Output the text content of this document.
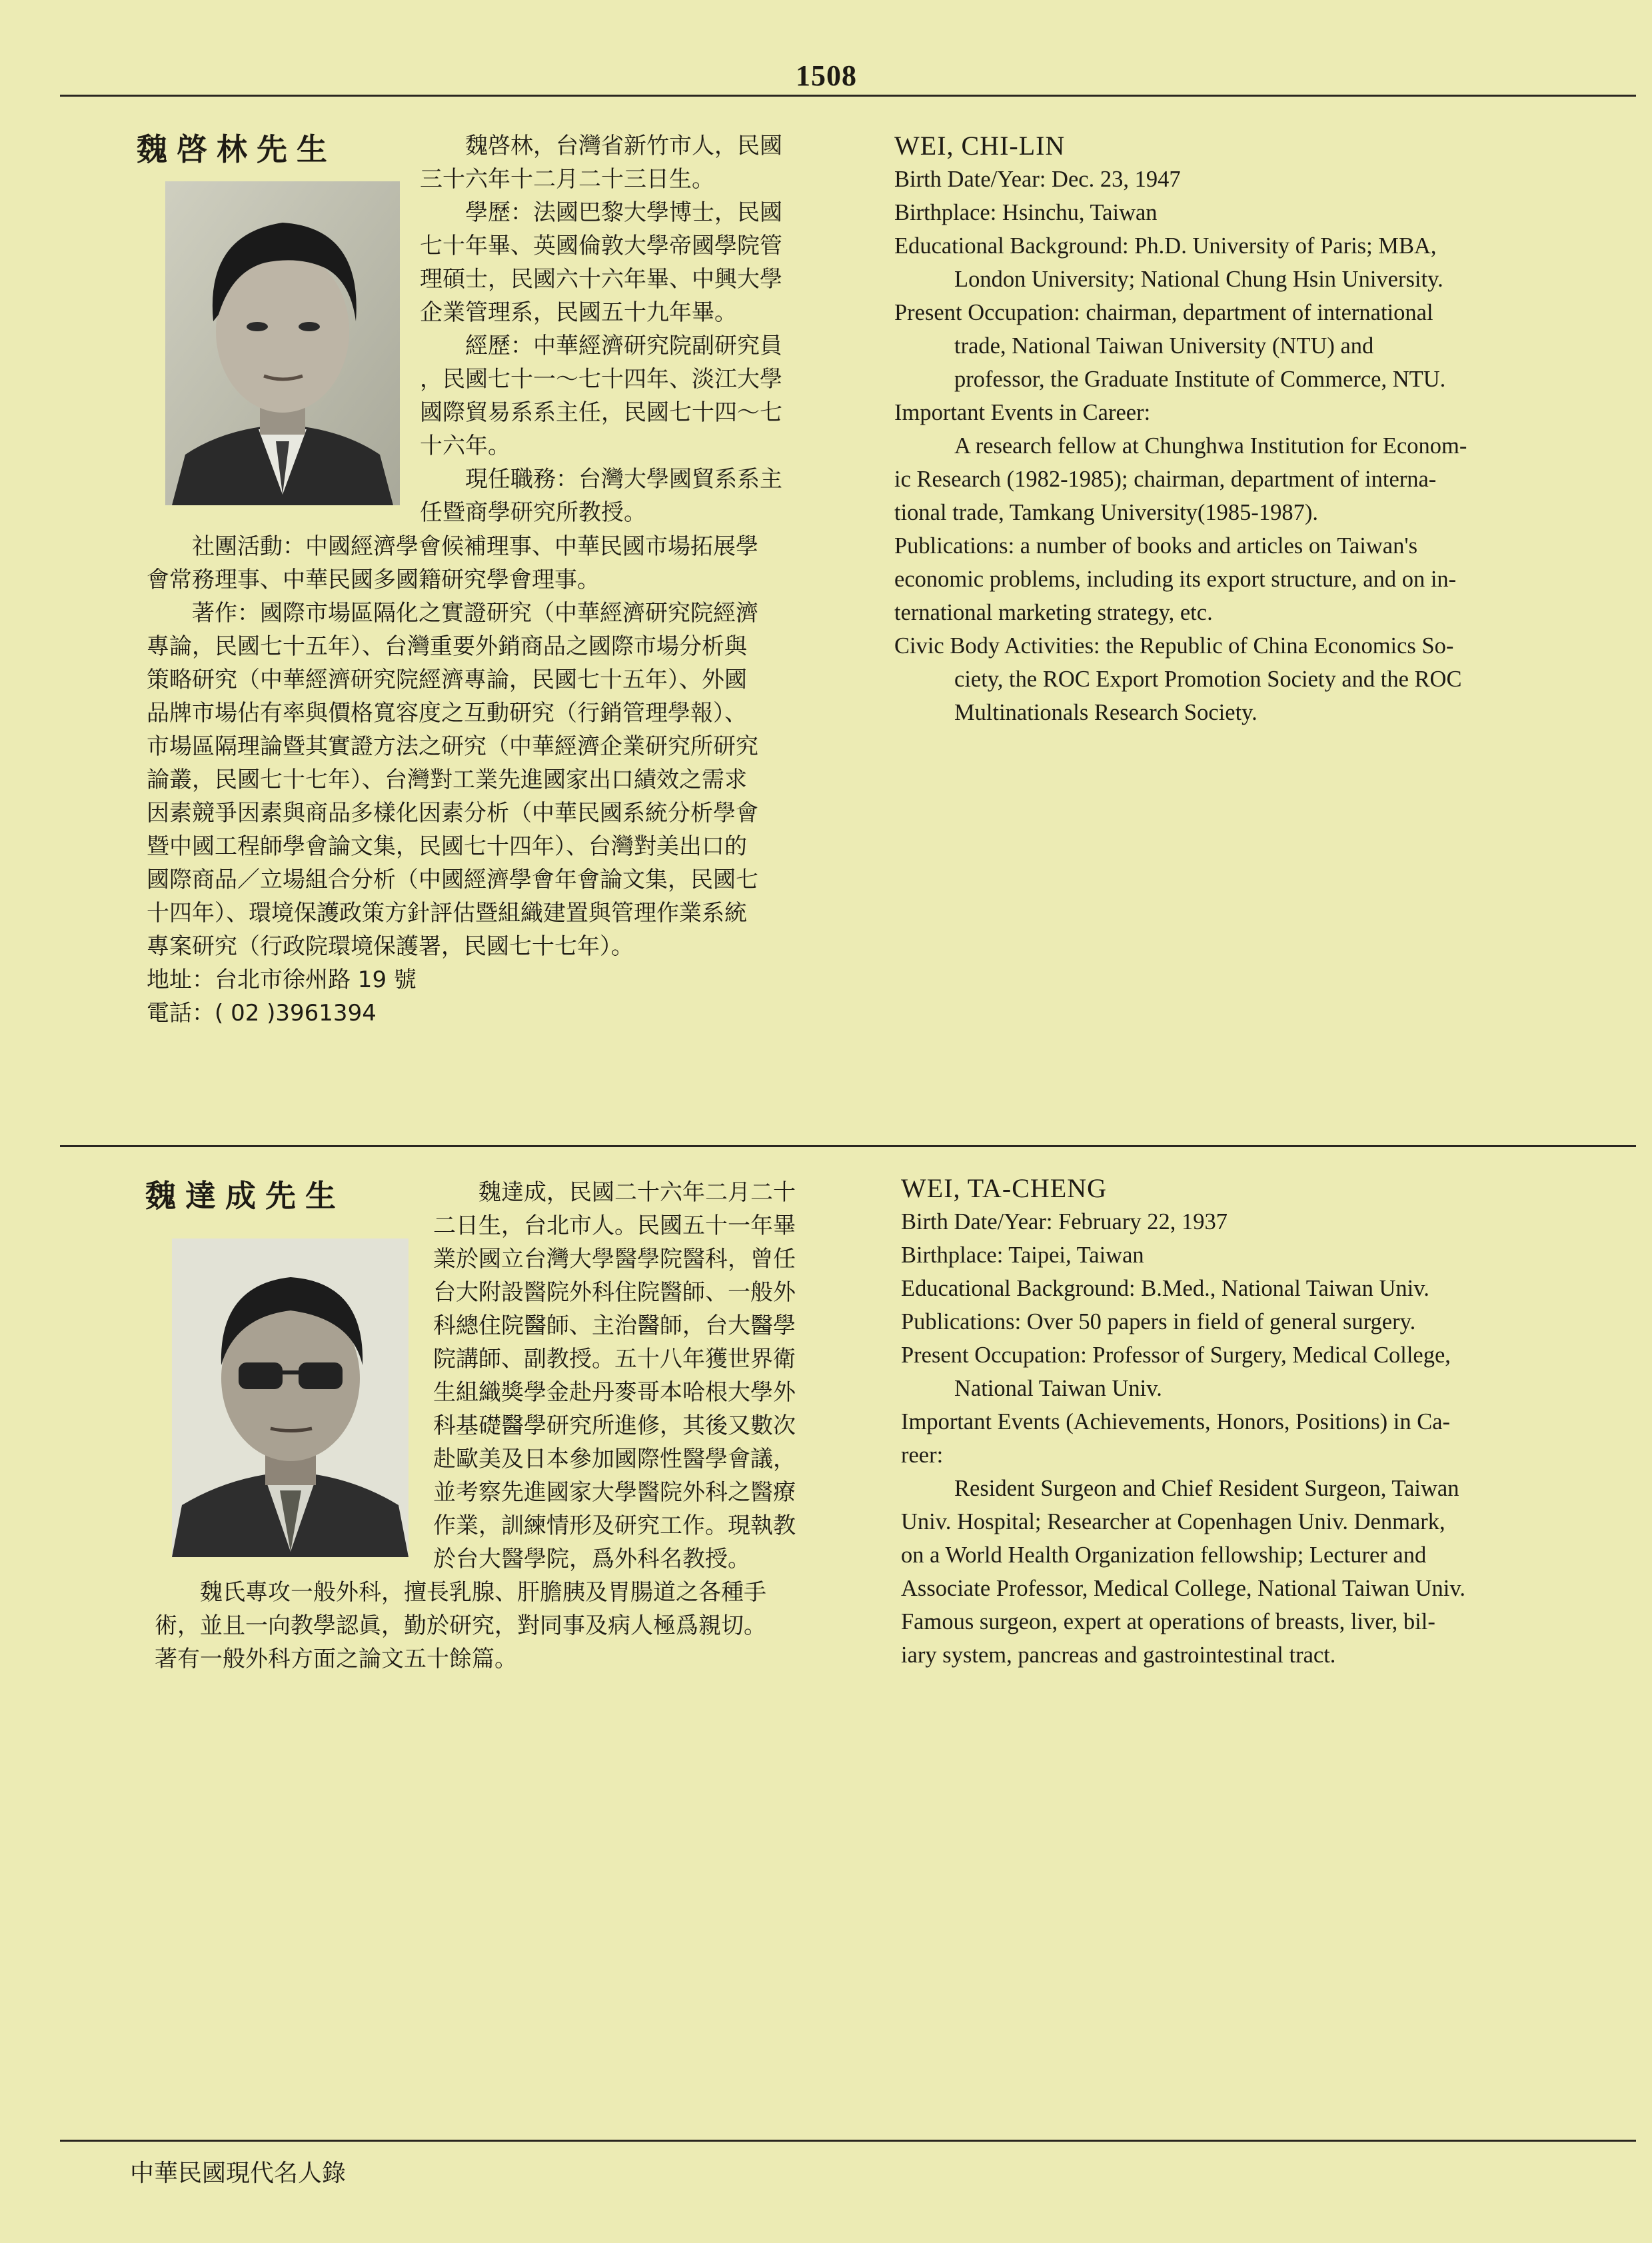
1508
魏啓林先生	　　魏啓林，台灣省新竹市人，民國
三十六年十二月二十三日生。
　　學歷：法國巴黎大學博士，民國
七十年畢、英國倫敦大學帝國學院管
理碩士，民國六十六年畢、中興大學
企業管理系，民國五十九年畢。
　　經歷：中華經濟研究院副研究員
，民國七十一～七十四年、淡江大學
國際貿易系系主任，民國七十四～七
十六年。
　　現任職務：台灣大學國貿系系主
任暨商學研究所教授。
　　社團活動：中國經濟學會候補理事、中華民國市場拓展學
會常務理事、中華民國多國籍研究學會理事。
　　著作：國際市場區隔化之實證研究（中華經濟研究院經濟
專論，民國七十五年）、台灣重要外銷商品之國際市場分析與
策略研究（中華經濟研究院經濟專論，民國七十五年）、外國
品牌市場佔有率與價格寬容度之互動研究（行銷管理學報）、
市場區隔理論暨其實證方法之研究（中華經濟企業研究所研究
論叢，民國七十七年）、台灣對工業先進國家出口績效之需求
因素競爭因素與商品多樣化因素分析（中華民國系統分析學會
暨中國工程師學會論文集，民國七十四年）、台灣對美出口的
國際商品／立場組合分析（中國經濟學會年會論文集，民國七
十四年）、環境保護政策方針評估暨組織建置與管理作業系統
專案研究（行政院環境保護署，民國七十七年）。
地址：台北市徐州路 19 號
電話：( 02 )3961394
WEI, CHI-LIN
Birth Date/Year: Dec. 23, 1947
Birthplace: Hsinchu, Taiwan
Educational Background: Ph.D. University of Paris; MBA,
London University; National Chung Hsin University.
Present Occupation: chairman, department of international
trade, National Taiwan University (NTU) and
professor, the Graduate Institute of Commerce, NTU.
Important Events in Career:
A research fellow at Chunghwa Institution for Econom-
ic Research (1982-1985); chairman, department of interna-
tional trade, Tamkang University(1985-1987).
Publications: a number of books and articles on Taiwan's
economic problems, including its export structure, and on in-
ternational marketing strategy, etc.
Civic Body Activities: the Republic of China Economics So-
ciety, the ROC Export Promotion Society and the ROC
Multinationals Research Society.
魏達成先生	　　魏達成，民國二十六年二月二十
二日生，台北市人。民國五十一年畢
業於國立台灣大學醫學院醫科，曾任
台大附設醫院外科住院醫師、一般外
科總住院醫師、主治醫師，台大醫學
院講師、副教授。五十八年獲世界衛
生組織獎學金赴丹麥哥本哈根大學外
科基礎醫學研究所進修，其後又數次
赴歐美及日本參加國際性醫學會議，
並考察先進國家大學醫院外科之醫療
作業，訓練情形及研究工作。現執教
於台大醫學院，爲外科名教授。
　　魏氏專攻一般外科，擅長乳腺、肝膽胰及胃腸道之各種手
術，並且一向教學認眞，勤於研究，對同事及病人極爲親切。
著有一般外科方面之論文五十餘篇。
WEI, TA-CHENG
Birth Date/Year: February 22, 1937
Birthplace: Taipei, Taiwan
Educational Background: B.Med., National Taiwan Univ.
Publications: Over 50 papers in field of general surgery.
Present Occupation: Professor of Surgery, Medical College,
National Taiwan Univ.
Important Events (Achievements, Honors, Positions) in Ca-
reer:
Resident Surgeon and Chief Resident Surgeon, Taiwan
Univ. Hospital; Researcher at Copenhagen Univ. Denmark,
on a World Health Organization fellowship; Lecturer and
Associate Professor, Medical College, National Taiwan Univ.
Famous surgeon, expert at operations of breasts, liver, bil-
iary system, pancreas and gastrointestinal tract.
中華民國現代名人錄
